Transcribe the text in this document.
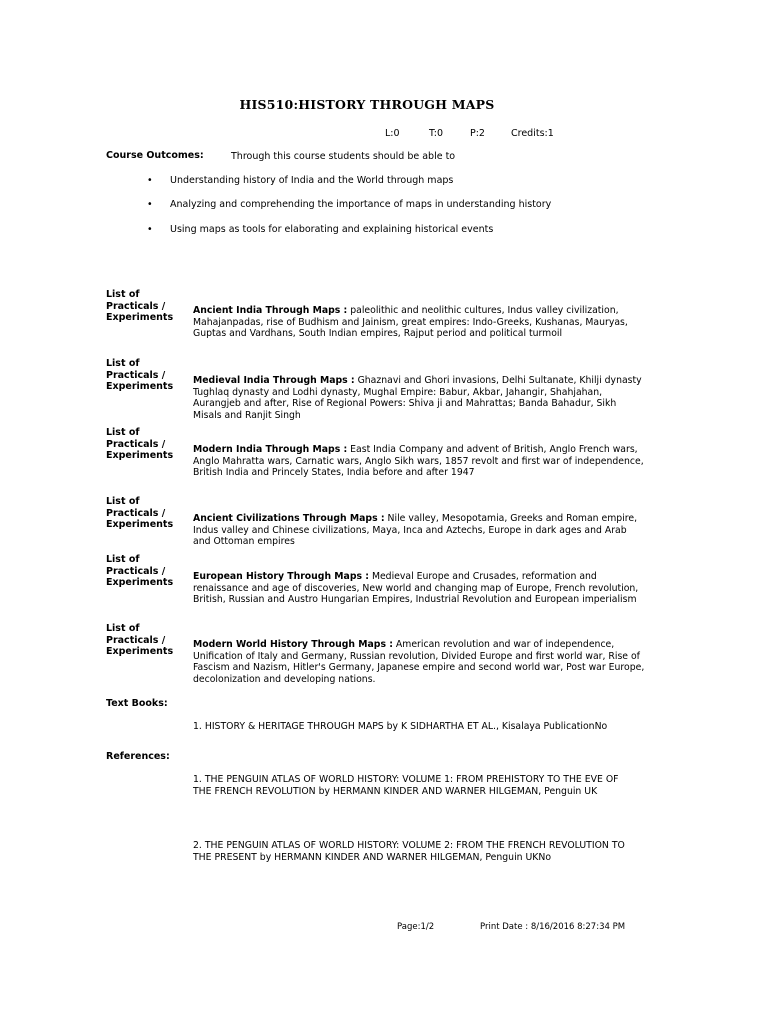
HIS510:HISTORY THROUGH MAPS
L:0	T:0	P:2	Credits:1
Course Outcomes:	Through this course students should be able to
• Understanding history of India and the World through maps
• Analyzing and comprehending the importance of maps in understanding history
• Using maps as tools for elaborating and explaining historical events
List of Practicals / Experiments
Ancient India Through Maps : paleolithic and neolithic cultures, Indus valley civilization, Mahajanpadas, rise of Budhism and Jainism, great empires: Indo-Greeks, Kushanas, Mauryas, Guptas and Vardhans, South Indian empires, Rajput period and political turmoil
List of Practicals / Experiments
Medieval India Through Maps : Ghaznavi and Ghori invasions, Delhi Sultanate, Khilji dynasty Tughlaq dynasty and Lodhi dynasty, Mughal Empire: Babur, Akbar, Jahangir, Shahjahan, Aurangjeb and after, Rise of Regional Powers: Shiva ji and Mahrattas; Banda Bahadur, Sikh Misals and Ranjit Singh
List of Practicals / Experiments
Modern India Through Maps : East India Company and advent of British, Anglo French wars, Anglo Mahratta wars, Carnatic wars, Anglo Sikh wars, 1857 revolt and first war of independence, British India and Princely States, India before and after 1947
List of Practicals / Experiments
Ancient Civilizations Through Maps : Nile valley, Mesopotamia, Greeks and Roman empire, Indus valley and Chinese civilizations, Maya, Inca and Aztechs, Europe in dark ages and Arab and Ottoman empires
List of Practicals / Experiments
European History Through Maps : Medieval Europe and Crusades, reformation and renaissance and age of discoveries, New world and changing map of Europe, French revolution, British, Russian and Austro Hungarian Empires, Industrial Revolution and European imperialism
List of Practicals / Experiments
Modern World History Through Maps : American revolution and war of independence, Unification of Italy and Germany, Russian revolution, Divided Europe and first world war, Rise of Fascism and Nazism, Hitler's Germany, Japanese empire and second world war, Post war Europe, decolonization and developing nations.
Text Books:
1. HISTORY & HERITAGE THROUGH MAPS by K SIDHARTHA ET AL., Kisalaya PublicationNo
References:
1. THE PENGUIN ATLAS OF WORLD HISTORY: VOLUME 1: FROM PREHISTORY TO THE EVE OF THE FRENCH REVOLUTION by HERMANN KINDER AND WARNER HILGEMAN, Penguin UK
2. THE PENGUIN ATLAS OF WORLD HISTORY: VOLUME 2: FROM THE FRENCH REVOLUTION TO THE PRESENT by HERMANN KINDER AND WARNER HILGEMAN, Penguin UKNo
Page:1/2	Print Date : 8/16/2016 8:27:34 PM
